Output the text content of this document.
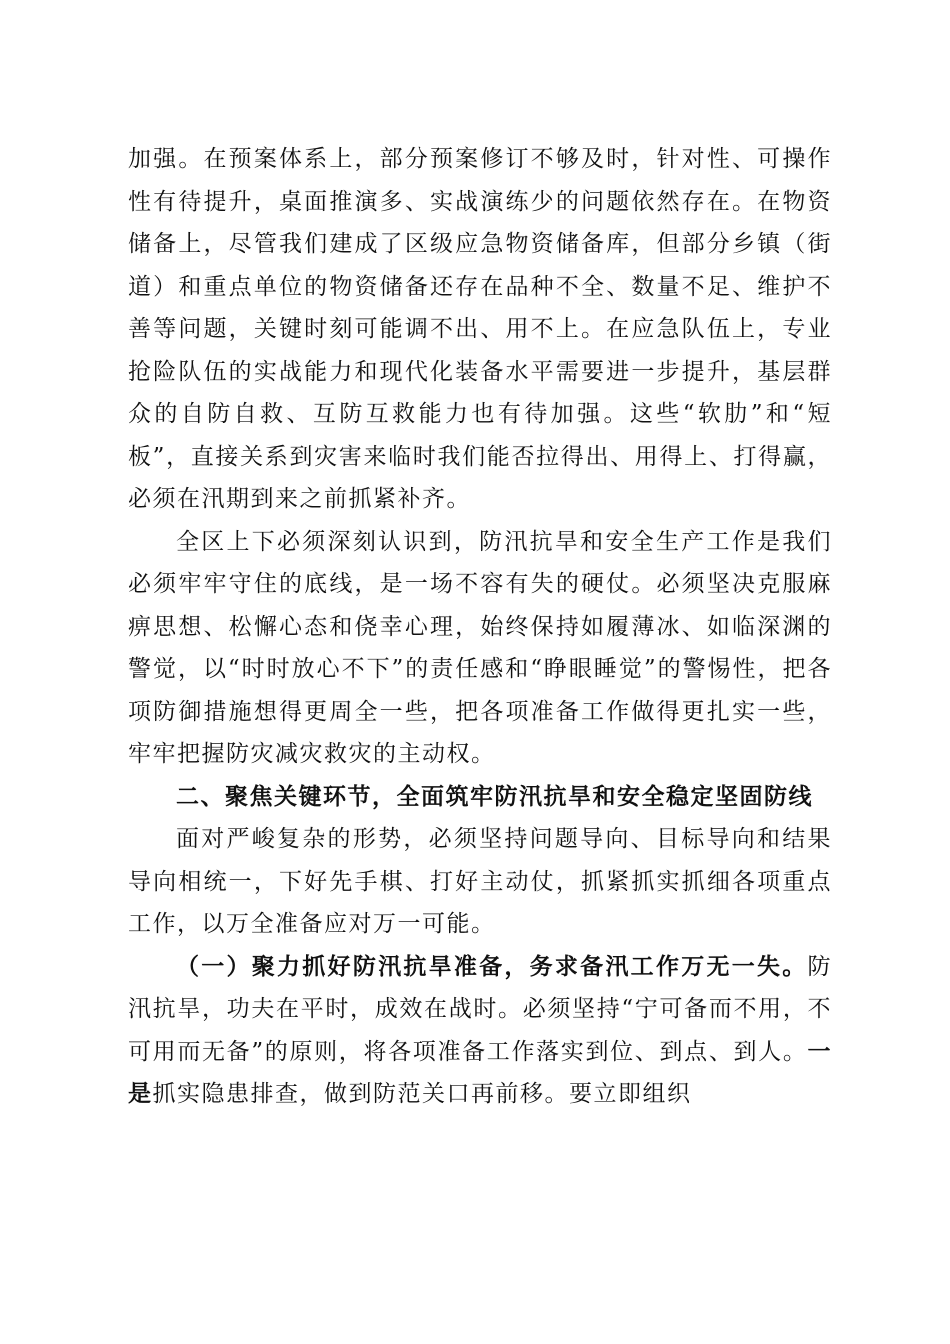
加强。在预案体系上，部分预案修订不够及时，针对性、可操作性有待提升，桌面推演多、实战演练少的问题依然存在。在物资储备上，尽管我们建成了区级应急物资储备库，但部分乡镇（街道）和重点单位的物资储备还存在品种不全、数量不足、维护不善等问题，关键时刻可能调不出、用不上。在应急队伍上，专业抢险队伍的实战能力和现代化装备水平需要进一步提升，基层群众的自防自救、互防互救能力也有待加强。这些“软肋”和“短板”，直接关系到灾害来临时我们能否拉得出、用得上、打得赢，必须在汛期到来之前抓紧补齐。

全区上下必须深刻认识到，防汛抗旱和安全生产工作是我们必须牢牢守住的底线，是一场不容有失的硬仗。必须坚决克服麻痹思想、松懈心态和侥幸心理，始终保持如履薄冰、如临深渊的警觉，以“时时放心不下”的责任感和“睁眼睡觉”的警惕性，把各项防御措施想得更周全一些，把各项准备工作做得更扎实一些，牢牢把握防灾减灾救灾的主动权。

二、聚焦关键环节，全面筑牢防汛抗旱和安全稳定坚固防线

面对严峻复杂的形势，必须坚持问题导向、目标导向和结果导向相统一，下好先手棋、打好主动仗，抓紧抓实抓细各项重点工作，以万全准备应对万一可能。

（一）聚力抓好防汛抗旱准备，务求备汛工作万无一失。防汛抗旱，功夫在平时，成效在战时。必须坚持“宁可备而不用，不可用而无备”的原则，将各项准备工作落实到位、到点、到人。一是抓实隐患排查，做到防范关口再前移。要立即组织
